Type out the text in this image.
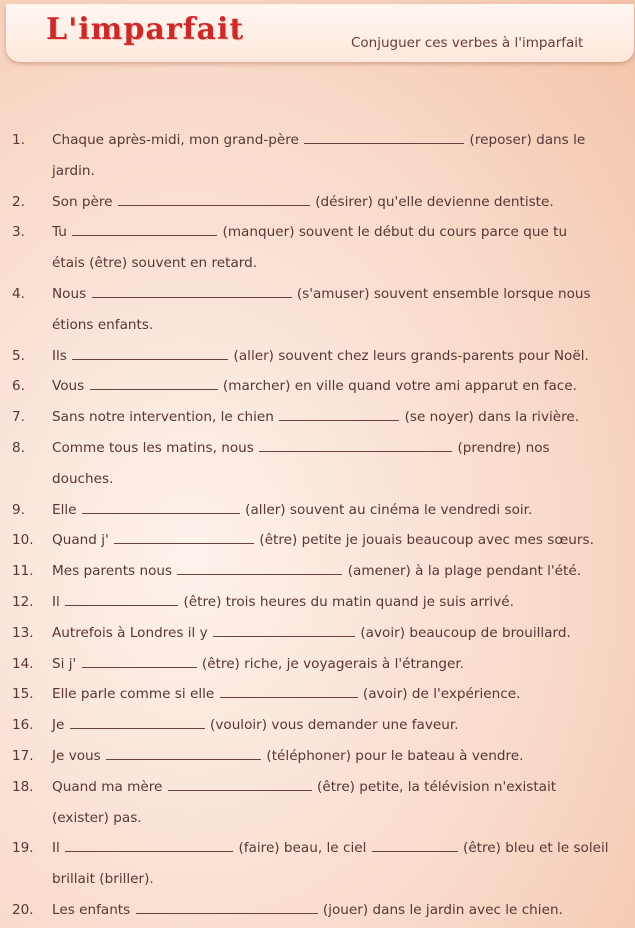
L'imparfait	Conjuguer ces verbes à l'imparfait
1.	Chaque après-midi, mon grand-père	(reposer) dans le
jardin.
2.	Son père	(désirer) qu'elle devienne dentiste.
3.	Tu	(manquer) souvent le début du cours parce que tu
étais (être) souvent en retard.
4.	Nous	(s'amuser) souvent ensemble lorsque nous
étions enfants.
5.	Ils	(aller) souvent chez leurs grands-parents pour Noël.
6.	Vous	(marcher) en ville quand votre ami apparut en face.
7.	Sans notre intervention, le chien	(se noyer) dans la rivière.
8.	Comme tous les matins, nous	(prendre) nos
douches.
9.	Elle	(aller) souvent au cinéma le vendredi soir.
10.	Quand j'	(être) petite je jouais beaucoup avec mes sœurs.
11.	Mes parents nous	(amener) à la plage pendant l'été.
12.	Il	(être) trois heures du matin quand je suis arrivé.
13.	Autrefois à Londres il y	(avoir) beaucoup de brouillard.
14.	Si j'	(être) riche, je voyagerais à l'étranger.
15.	Elle parle comme si elle	(avoir) de l'expérience.
16.	Je	(vouloir) vous demander une faveur.
17.	Je vous	(téléphoner) pour le bateau à vendre.
18.	Quand ma mère	(être) petite, la télévision n'existait
(exister) pas.
19.	Il	(faire) beau, le ciel	(être) bleu et le soleil
brillait (briller).
20.	Les enfants	(jouer) dans le jardin avec le chien.
